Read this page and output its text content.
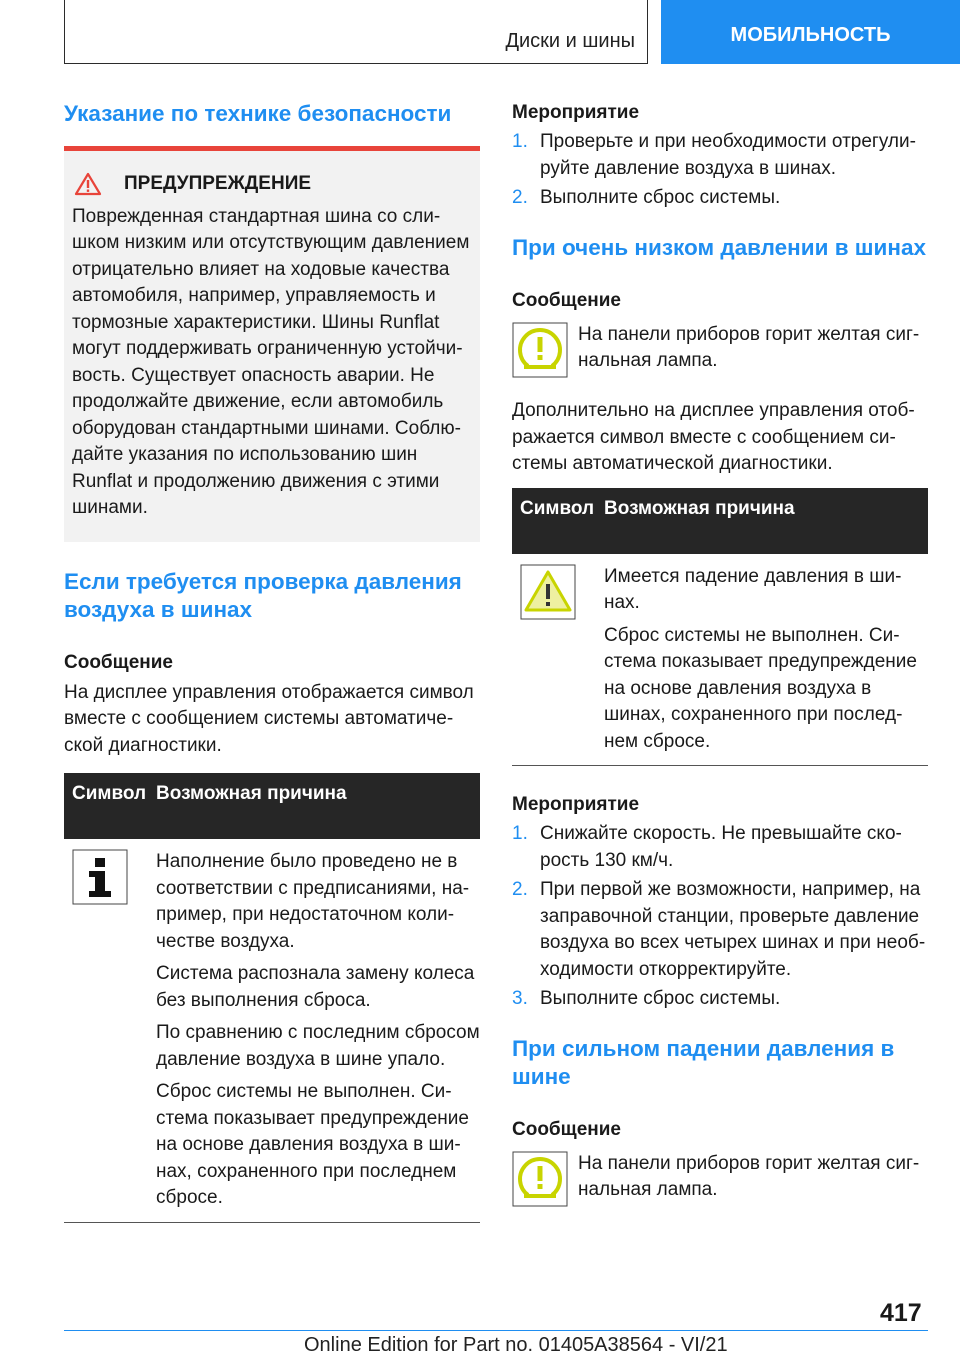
Диски и шины	МОБИЛЬНОСТЬ
Указание по технике безопасности
ПРЕДУПРЕЖДЕНИЕ

Поврежденная стандартная шина со слишком низким или отсутствующим давлением отрицательно влияет на ходовые качества автомобиля, например, управляемость и тормозные характеристики. Шины Runflat могут поддерживать ограниченную устойчивость. Существует опасность аварии. Не продолжайте движение, если автомобиль оборудован стандартными шинами. Соблюдайте указания по использованию шин Runflat и продолжению движения с этими шинами.

Если требуется проверка давления воздуха в шинах
Сообщение

На дисплее управления отображается символ вместе с сообщением системы автоматической диагностики.

Символ Возможная причина

Наполнение было проведено не в соответствии с предписаниями, например, при недостаточном количестве воздуха.

Система распознала замену колеса без выполнения сброса.

По сравнению с последним сбросом давление воздуха в шине упало.

Сброс системы не выполнен. Система показывает предупреждение на основе давления воздуха в шинах, сохраненного при последнем сбросе.

Мероприятие
1. Проверьте и при необходимости отрегулируйте давление воздуха в шинах.
2. Выполните сброс системы.
При очень низком давлении в шинах
Сообщение

На панели приборов горит желтая сигнальная лампа.

Дополнительно на дисплее управления отображается символ вместе с сообщением системы автоматической диагностики.

Символ Возможная причина

Имеется падение давления в шинах.

Сброс системы не выполнен. Система показывает предупреждение на основе давления воздуха в шинах, сохраненного при последнем сбросе.

Мероприятие
1. Снижайте скорость. Не превышайте скорость 130 км/ч.
2. При первой же возможности, например, на заправочной станции, проверьте давление воздуха во всех четырех шинах и при необходимости откорректируйте.
3. Выполните сброс системы.
При сильном падении давления в шине
Сообщение

На панели приборов горит желтая сигнальная лампа.

417
Online Edition for Part no. 01405A38564 - VI/21
